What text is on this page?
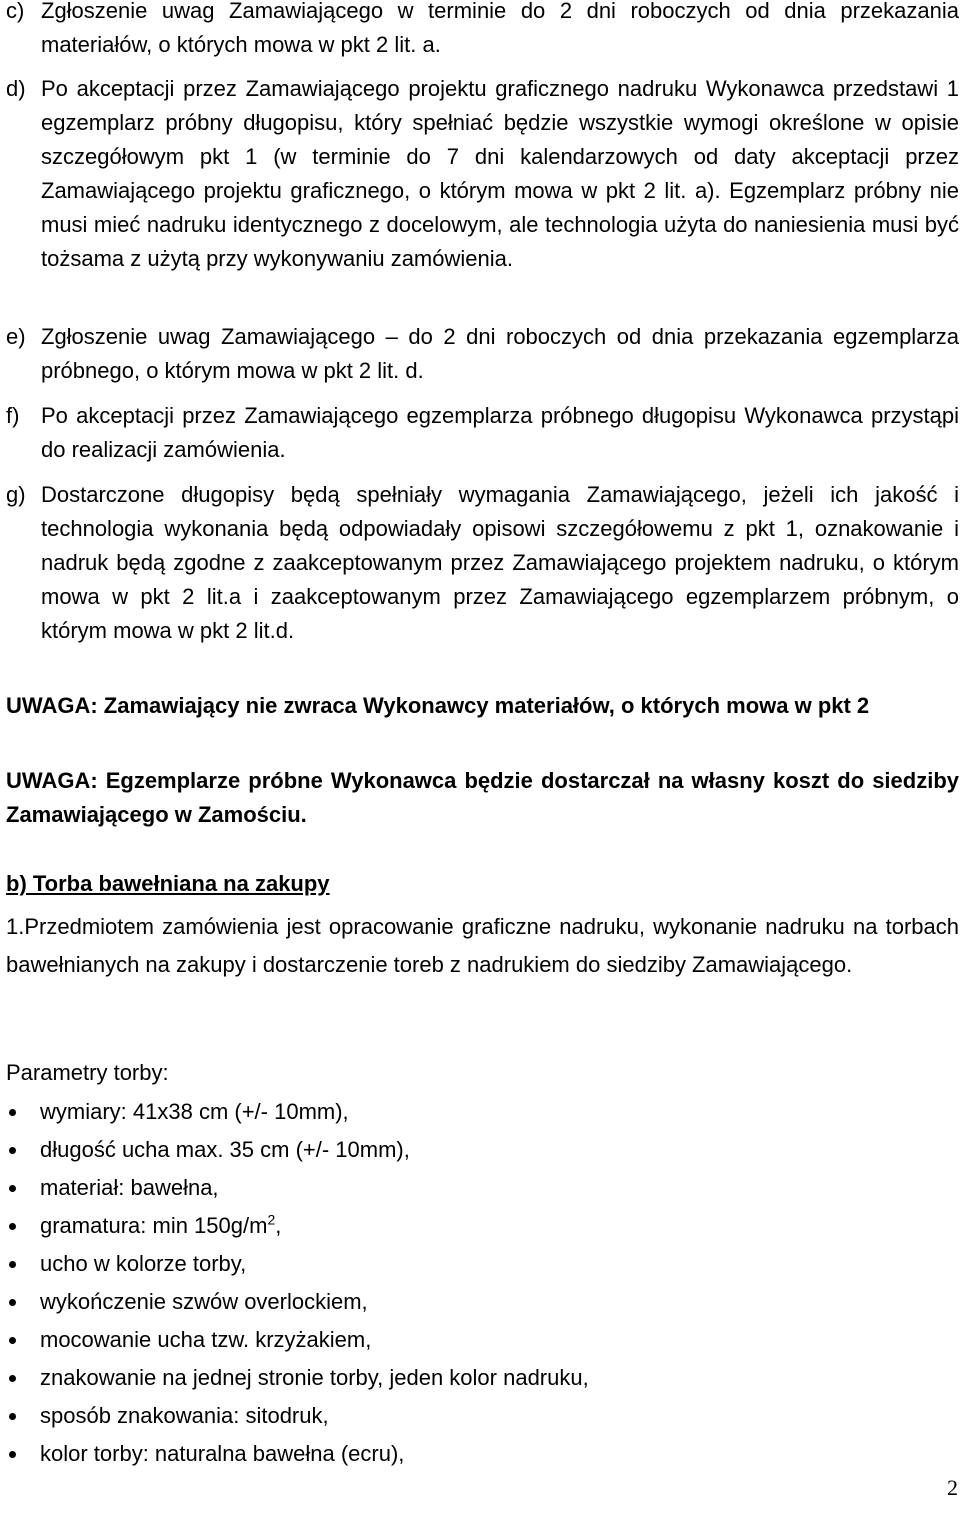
c) Zgłoszenie uwag Zamawiającego w terminie do 2 dni roboczych od dnia przekazania materiałów, o których mowa w pkt 2 lit. a.
d) Po akceptacji przez Zamawiającego projektu graficznego nadruku Wykonawca przedstawi 1 egzemplarz próbny długopisu, który spełniać będzie wszystkie wymogi określone w opisie szczegółowym pkt 1 (w terminie do 7 dni kalendarzowych od daty akceptacji przez Zamawiającego projektu graficznego, o którym mowa w pkt 2 lit. a). Egzemplarz próbny nie musi mieć nadruku identycznego z docelowym, ale technologia użyta do naniesienia musi być tożsama z użytą przy wykonywaniu zamówienia.
e) Zgłoszenie uwag Zamawiającego – do 2 dni roboczych od dnia przekazania egzemplarza próbnego, o którym mowa w pkt 2 lit. d.
f) Po akceptacji przez Zamawiającego egzemplarza próbnego długopisu Wykonawca przystąpi do realizacji zamówienia.
g) Dostarczone długopisy będą spełniały wymagania Zamawiającego, jeżeli ich jakość i technologia wykonania będą odpowiadały opisowi szczegółowemu z pkt 1, oznakowanie i nadruk będą zgodne z zaakceptowanym przez Zamawiającego projektem nadruku, o którym mowa w pkt 2 lit.a i zaakceptowanym przez Zamawiającego egzemplarzem próbnym, o którym mowa w pkt 2 lit.d.
UWAGA: Zamawiający nie zwraca Wykonawcy materiałów, o których mowa w pkt 2
UWAGA: Egzemplarze próbne Wykonawca będzie dostarczał na własny koszt do siedziby Zamawiającego w Zamościu.
b) Torba bawełniana na zakupy
1.Przedmiotem zamówienia jest opracowanie graficzne nadruku, wykonanie nadruku na torbach bawełnianych na zakupy i dostarczenie toreb z nadrukiem do siedziby Zamawiającego.
Parametry torby:
wymiary: 41x38 cm (+/- 10mm),
długość ucha max. 35 cm (+/- 10mm),
materiał: bawełna,
gramatura: $\min 150g/m^2$,
ucho w kolorze torby,
wykończenie szwów overlockiem,
mocowanie ucha tzw. krzyżakiem,
znakowanie na jednej stronie torby, jeden kolor nadruku,
sposób znakowania: sitodruk,
kolor torby: naturalna bawełna (ecru),
2
